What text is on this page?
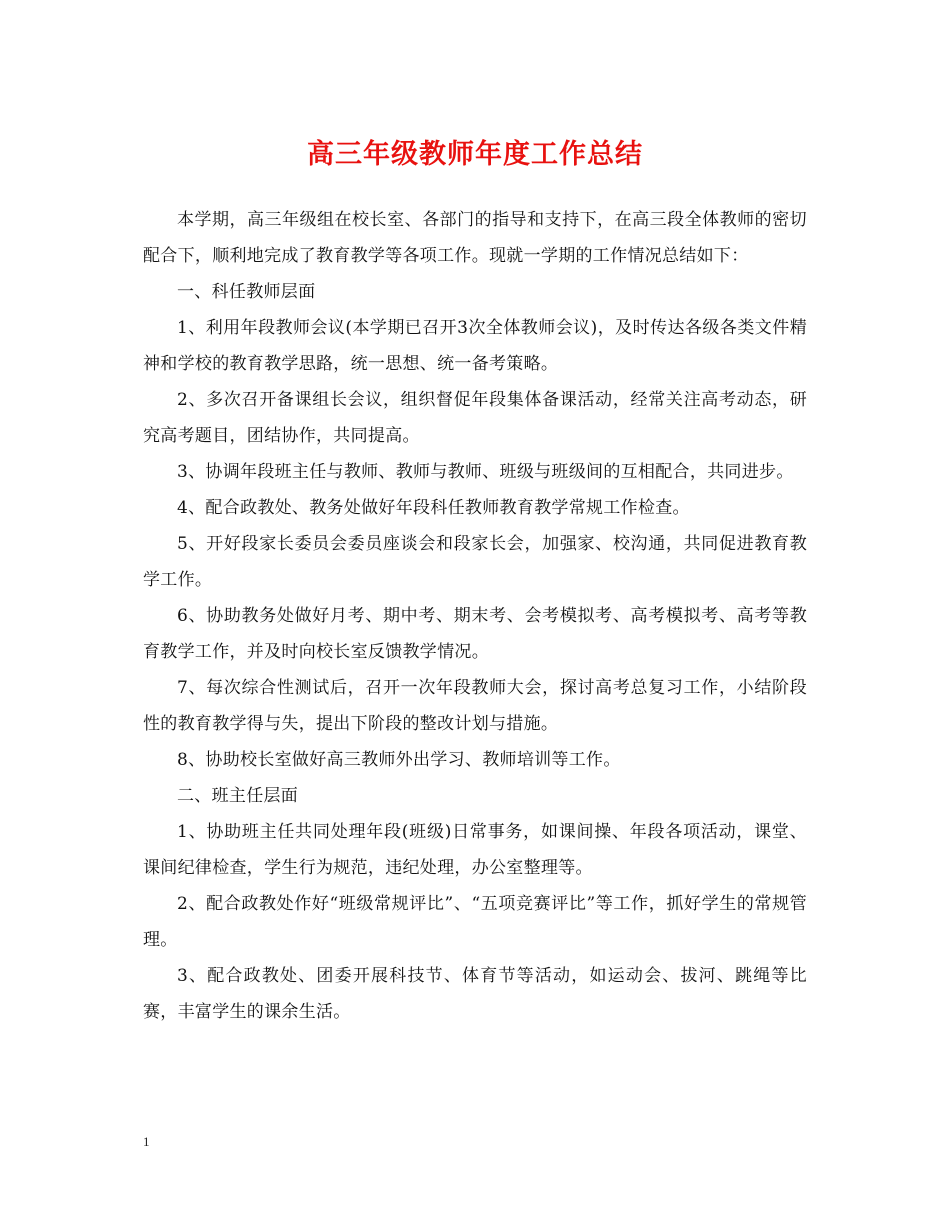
高三年级教师年度工作总结

本学期，高三年级组在校长室、各部门的指导和支持下，在高三段全体教师的密切配合下，顺利地完成了教育教学等各项工作。现就一学期的工作情况总结如下：

一、科任教师层面

1、利用年段教师会议(本学期已召开3次全体教师会议)，及时传达各级各类文件精神和学校的教育教学思路，统一思想、统一备考策略。

2、多次召开备课组长会议，组织督促年段集体备课活动，经常关注高考动态，研究高考题目，团结协作，共同提高。

3、协调年段班主任与教师、教师与教师、班级与班级间的互相配合，共同进步。

4、配合政教处、教务处做好年段科任教师教育教学常规工作检查。

5、开好段家长委员会委员座谈会和段家长会，加强家、校沟通，共同促进教育教学工作。

6、协助教务处做好月考、期中考、期末考、会考模拟考、高考模拟考、高考等教育教学工作，并及时向校长室反馈教学情况。

7、每次综合性测试后，召开一次年段教师大会，探讨高考总复习工作，小结阶段性的教育教学得与失，提出下阶段的整改计划与措施。

8、协助校长室做好高三教师外出学习、教师培训等工作。

二、班主任层面

1、协助班主任共同处理年段(班级)日常事务，如课间操、年段各项活动，课堂、课间纪律检查，学生行为规范，违纪处理，办公室整理等。

2、配合政教处作好“班级常规评比”、“五项竞赛评比”等工作，抓好学生的常规管理。

3、配合政教处、团委开展科技节、体育节等活动，如运动会、拔河、跳绳等比赛，丰富学生的课余生活。

1
